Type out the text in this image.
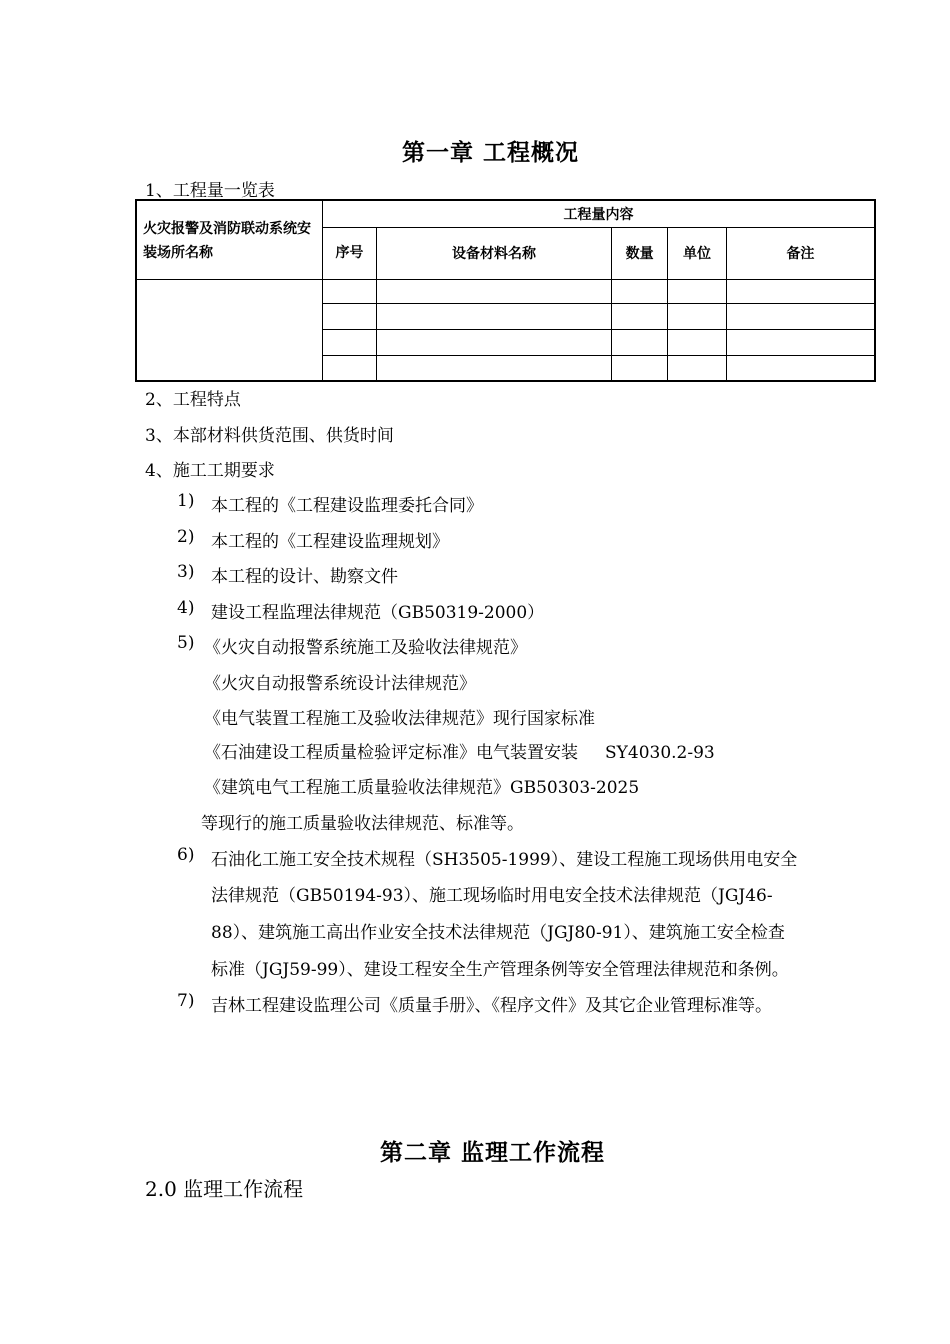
第一章 工程概况
1、工程量一览表
火灾报警及消防联动系统安装场所名称	工程量内容				
	序号	设备材料名称	数量	单位	备注

2、工程特点
3、本部材料供货范围、供货时间
4、施工工期要求
1) 本工程的《工程建设监理委托合同》
2) 本工程的《工程建设监理规划》
3) 本工程的设计、勘察文件
4) 建设工程监理法律规范（GB50319-2000）
5) 《火灾自动报警系统施工及验收法律规范》
《火灾自动报警系统设计法律规范》
《电气装置工程施工及验收法律规范》现行国家标准
《石油建设工程质量检验评定标准》电气装置安装     SY4030.2-93
《建筑电气工程施工质量验收法律规范》GB50303-2025
等现行的施工质量验收法律规范、标准等。
6) 石油化工施工安全技术规程（SH3505-1999）、建设工程施工现场供用电安全
法律规范（GB50194-93）、施工现场临时用电安全技术法律规范（JGJ46-
88）、建筑施工高出作业安全技术法律规范（JGJ80-91）、建筑施工安全检查
标准（JGJ59-99）、建设工程安全生产管理条例等安全管理法律规范和条例。
7) 吉林工程建设监理公司《质量手册》、《程序文件》及其它企业管理标准等。
第二章 监理工作流程
2.0 监理工作流程
